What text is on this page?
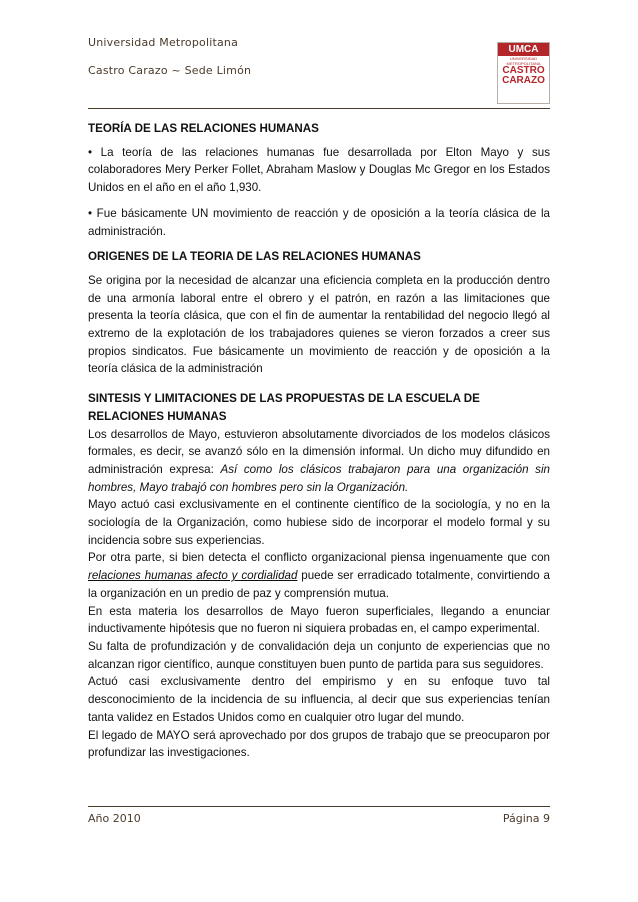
Universidad Metropolitana
Castro Carazo ~ Sede Limón
UMCA
UNIVERSIDAD METROPOLITANA
CASTRO
CARAZO
TEORÍA DE LAS RELACIONES HUMANAS

• La teoría de las relaciones humanas fue desarrollada por Elton Mayo y sus colaboradores Mery Perker Follet, Abraham Maslow y Douglas Mc Gregor en los Estados Unidos en el año en el año 1,930.

• Fue básicamente UN movimiento de reacción y de oposición a la teoría clásica de la administración.

ORIGENES DE LA TEORIA DE LAS RELACIONES HUMANAS

Se origina por la necesidad de alcanzar una eficiencia completa en la producción dentro de una armonía laboral entre el obrero y el patrón, en razón a las limitaciones que presenta la teoría clásica, que con el fin de aumentar la rentabilidad del negocio llegó al extremo de la explotación de los trabajadores quienes se vieron forzados a creer sus propios sindicatos. Fue básicamente un movimiento de reacción y de oposición a la teoría clásica de la administración

SINTESIS Y LIMITACIONES DE LAS PROPUESTAS DE LA ESCUELA DE RELACIONES HUMANAS

Los desarrollos de Mayo, estuvieron absolutamente divorciados de los modelos clásicos formales, es decir, se avanzó sólo en la dimensión informal. Un dicho muy difundido en administración expresa: Así como los clásicos trabajaron para una organización sin hombres, Mayo trabajó con hombres pero sin la Organización.

Mayo actuó casi exclusivamente en el continente científico de la sociología, y no en la sociología de la Organización, como hubiese sido de incorporar el modelo formal y su incidencia sobre sus experiencias.

Por otra parte, si bien detecta el conflicto organizacional piensa ingenuamente que con relaciones humanas afecto y cordialidad puede ser erradicado totalmente, convirtiendo a la organización en un predio de paz y comprensión mutua.

En esta materia los desarrollos de Mayo fueron superficiales, llegando a enunciar inductivamente hipótesis que no fueron ni siquiera probadas en, el campo experimental.

Su falta de profundización y de convalidación deja un conjunto de experiencias que no alcanzan rigor científico, aunque constituyen buen punto de partida para sus seguidores.

Actuó casi exclusivamente dentro del empirismo y en su enfoque tuvo tal desconocimiento de la incidencia de su influencia, al decir que sus experiencias tenían tanta validez en Estados Unidos como en cualquier otro lugar del mundo.

El legado de MAYO será aprovechado por dos grupos de trabajo que se preocuparon por profundizar las investigaciones.

Año 2010	Página 9
